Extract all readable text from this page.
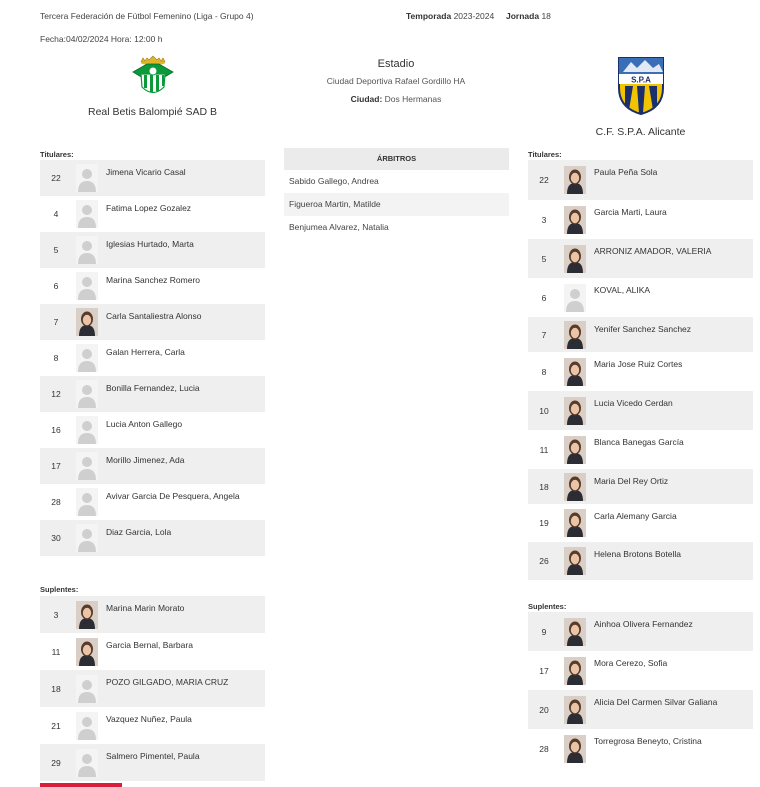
Tercera Federación de Fútbol Femenino (Liga - Grupo 4)	Temporada 2023-2024 Jornada 18
Fecha:04/02/2024 Hora: 12:00 h
Real Betis Balompié SAD B
Estadio
Ciudad Deportiva Rafael Gordillo HA
Ciudad: Dos Hermanas
S.P.A
C.F. S.P.A. Alicante
Titulares:
22
Jimena Vicario Casal
4
Fatima Lopez Gozalez
5
Iglesias Hurtado, Marta
6
Marina Sanchez Romero
7
Carla Santaliestra Alonso
8
Galan Herrera, Carla
12
Bonilla Fernandez, Lucia
16
Lucia Anton Gallego
17
Morillo Jimenez, Ada
28
Avivar Garcia De Pesquera, Angela
30
Diaz Garcia, Lola
Suplentes:
3
Marina Marin Morato
11
Garcia Bernal, Barbara
18
POZO GILGADO, MARIA CRUZ
21
Vazquez Nuñez, Paula
29
Salmero Pimentel, Paula
ÁRBITROS
Sabido Gallego, Andrea
Figueroa Martin, Matilde
Benjumea Alvarez, Natalia
Titulares:
22
Paula Peña Sola
3
Garcia Marti, Laura
5
ARRONIZ AMADOR, VALERIA
6
KOVAL, ALIKA
7
Yenifer Sanchez Sanchez
8
Maria Jose Ruiz Cortes
10
Lucia Vicedo Cerdan
11
Blanca Banegas García
18
Maria Del Rey Ortiz
19
Carla Alemany Garcia
26
Helena Brotons Botella
Suplentes:
9
Ainhoa Olivera Fernandez
17
Mora Cerezo, Sofia
20
Alicia Del Carmen Silvar Galiana
28
Torregrosa Beneyto, Cristina
